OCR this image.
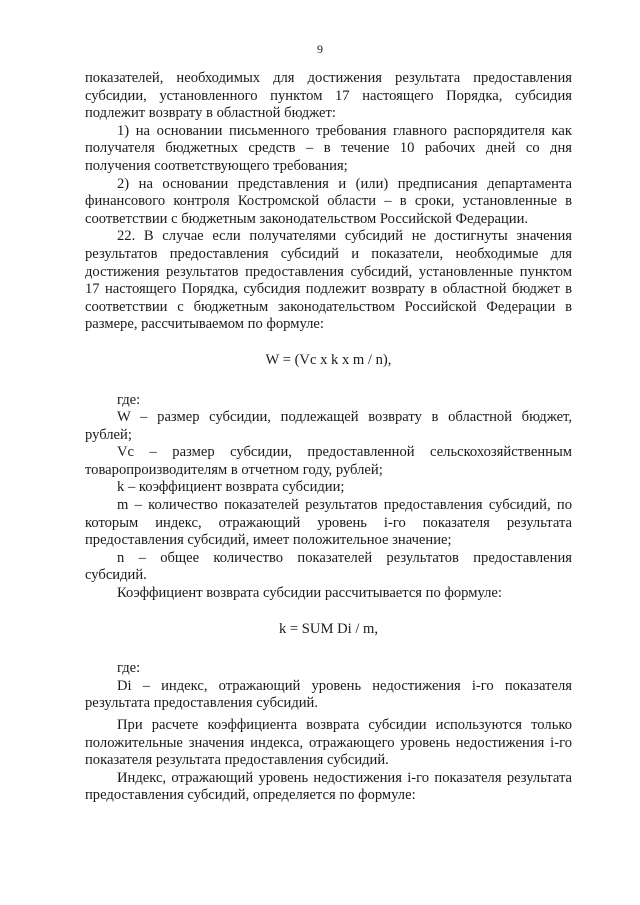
9

показателей, необходимых для достижения результата предоставления субсидии, установленного пунктом 17 настоящего Порядка, субсидия подлежит возврату в областной бюджет:

1) на основании письменного требования главного распорядителя как получателя бюджетных средств – в течение 10 рабочих дней со дня получения соответствующего требования;

2) на основании представления и (или) предписания департамента финансового контроля Костромской области – в сроки, установленные в соответствии с бюджетным законодательством Российской Федерации.

22. В случае если получателями субсидий не достигнуты значения результатов предоставления субсидий и показатели, необходимые для достижения результатов предоставления субсидий, установленные пунктом 17 настоящего Порядка, субсидия подлежит возврату в областной бюджет в соответствии с бюджетным законодательством Российской Федерации в размере, рассчитываемом по формуле:

W = (Vc x k x m / n),

где:

W – размер субсидии, подлежащей возврату в областной бюджет, рублей;

Vc – размер субсидии, предоставленной сельскохозяйственным товаропроизводителям в отчетном году, рублей;

k – коэффициент возврата субсидии;

m – количество показателей результатов предоставления субсидий, по которым индекс, отражающий уровень i-го показателя результата предоставления субсидий, имеет положительное значение;

n – общее количество показателей результатов предоставления субсидий.

Коэффициент возврата субсидии рассчитывается по формуле:

k = SUM Di / m,

где:

Di – индекс, отражающий уровень недостижения i-го показателя результата предоставления субсидий.

При расчете коэффициента возврата субсидии используются только положительные значения индекса, отражающего уровень недостижения i-го показателя результата предоставления субсидий.

Индекс, отражающий уровень недостижения i-го показателя результата предоставления субсидий, определяется по формуле:
